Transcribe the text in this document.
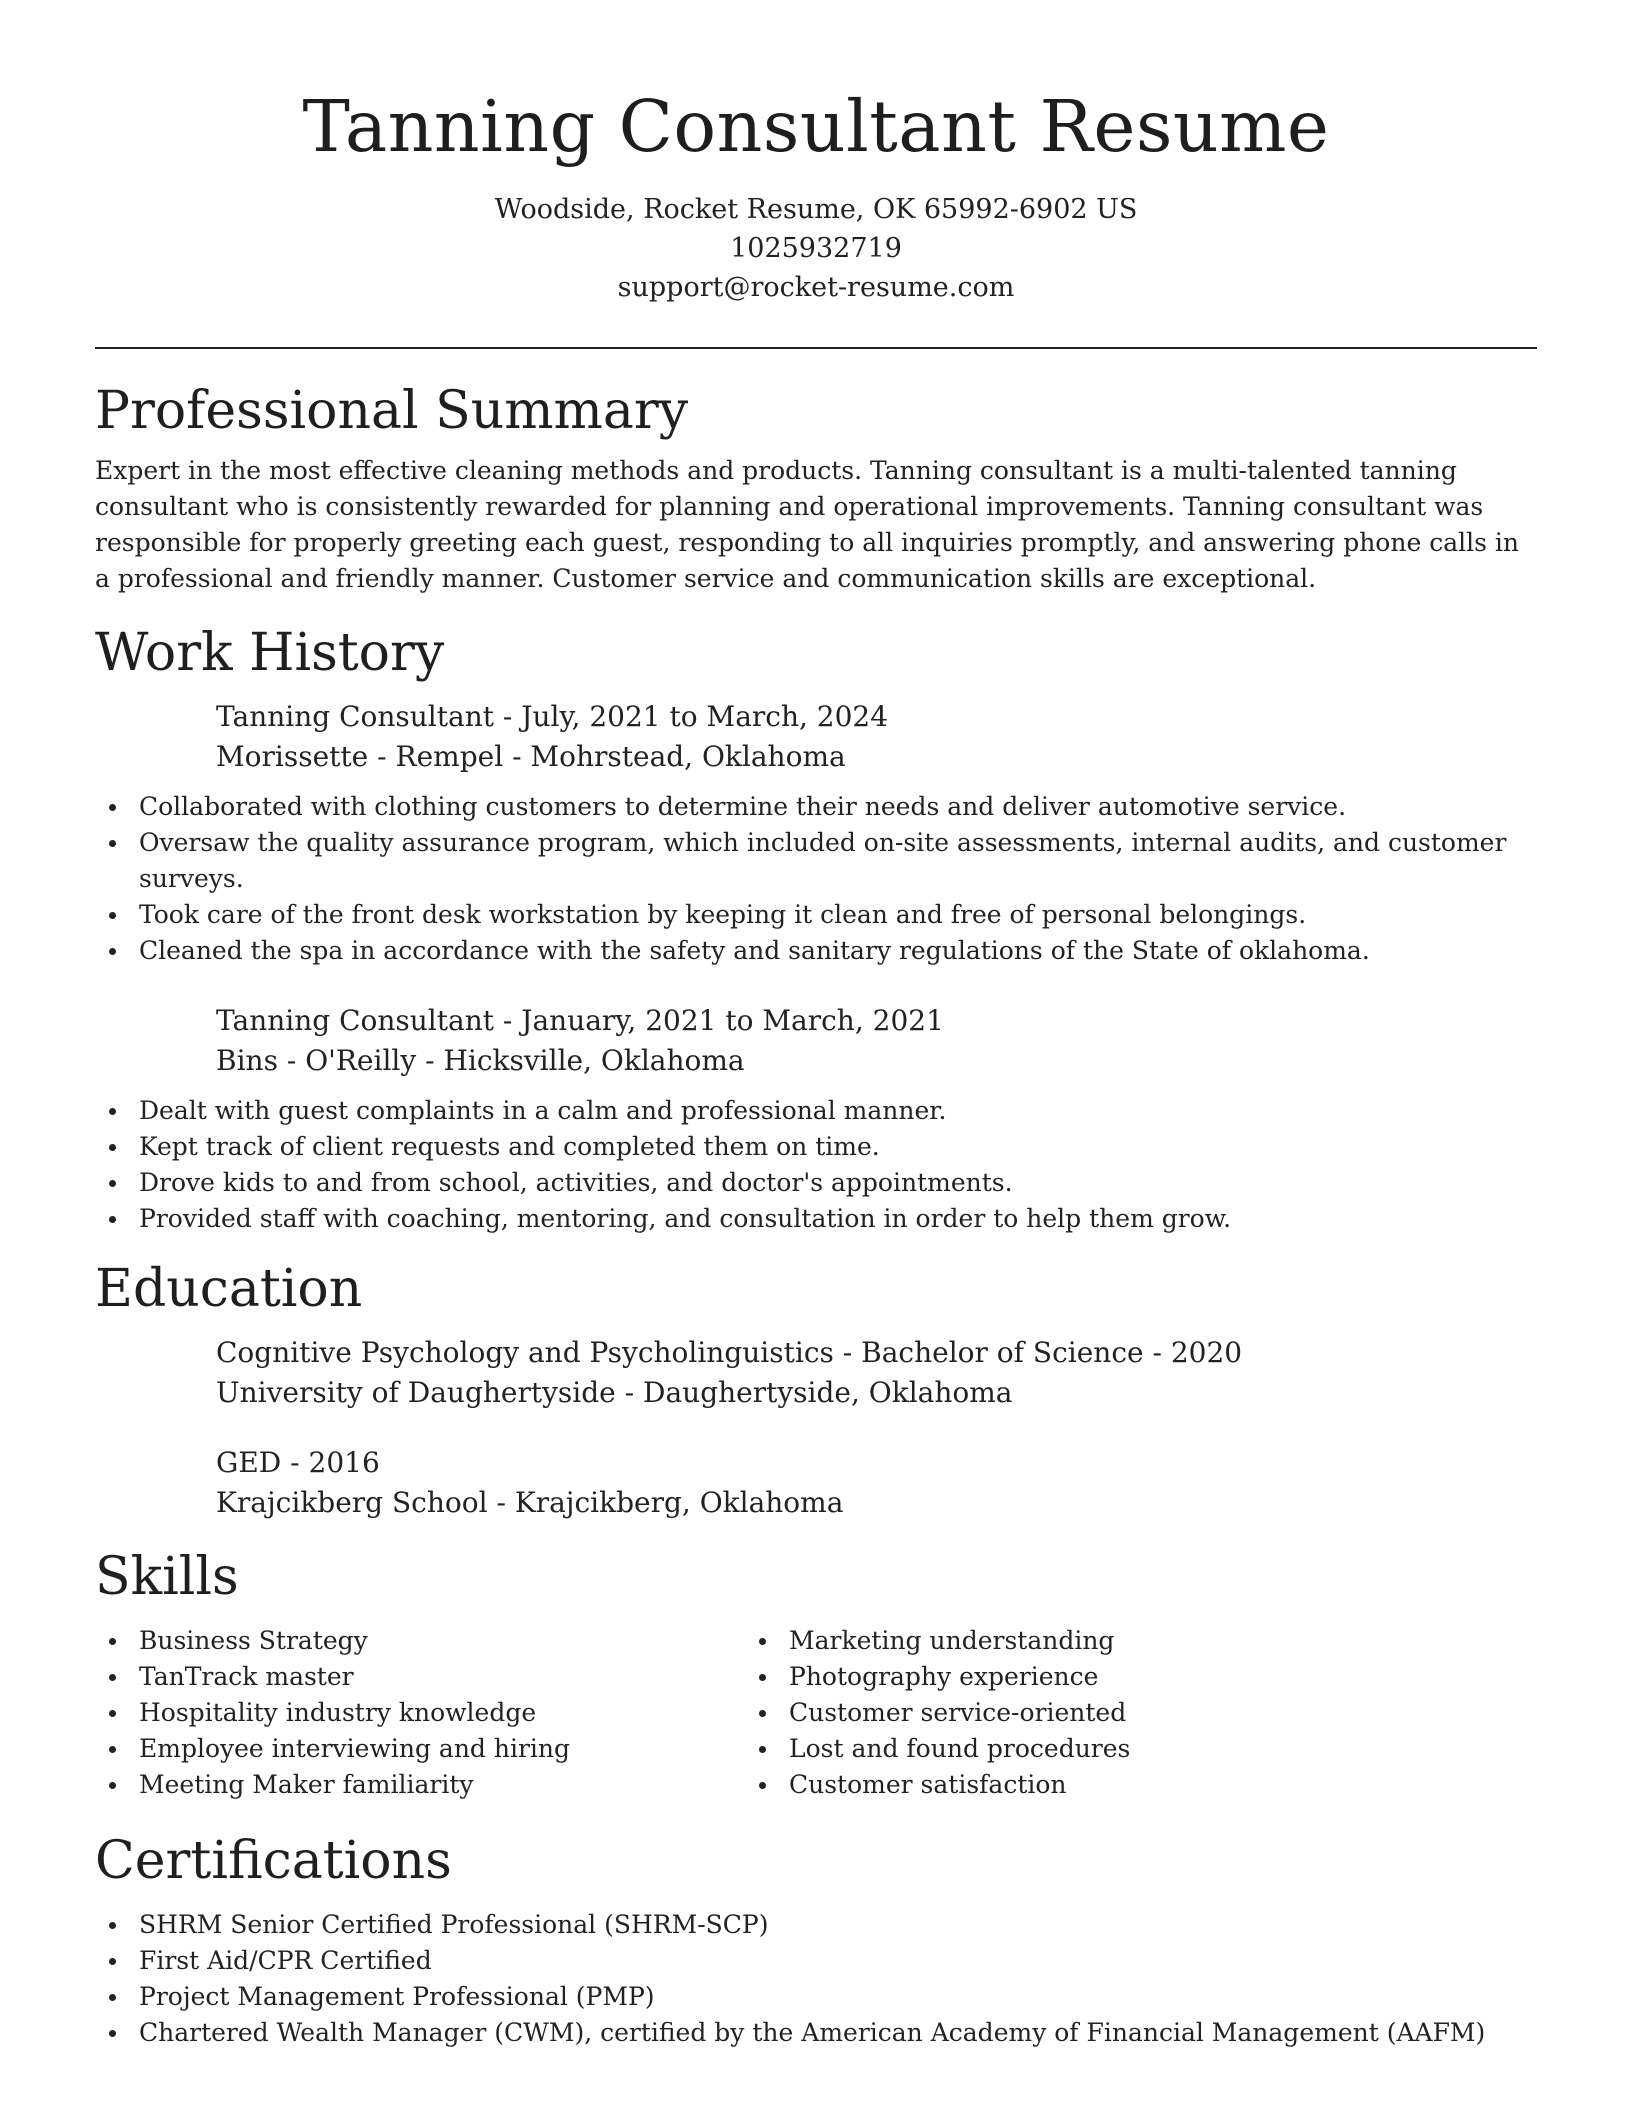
Tanning Consultant Resume

Woodside, Rocket Resume, OK 65992-6902 US

1025932719

support@rocket-resume.com

Professional Summary

Expert in the most effective cleaning methods and products. Tanning consultant is a multi-talented tanning consultant who is consistently rewarded for planning and operational improvements. Tanning consultant was responsible for properly greeting each guest, responding to all inquiries promptly, and answering phone calls in a professional and friendly manner. Customer service and communication skills are exceptional.

Work History

Tanning Consultant - July, 2021 to March, 2024

Morissette - Rempel - Mohrstead, Oklahoma

Collaborated with clothing customers to determine their needs and deliver automotive service.
Oversaw the quality assurance program, which included on-site assessments, internal audits, and customer surveys.
Took care of the front desk workstation by keeping it clean and free of personal belongings.
Cleaned the spa in accordance with the safety and sanitary regulations of the State of oklahoma.

Tanning Consultant - January, 2021 to March, 2021

Bins - O'Reilly - Hicksville, Oklahoma

Dealt with guest complaints in a calm and professional manner.
Kept track of client requests and completed them on time.
Drove kids to and from school, activities, and doctor's appointments.
Provided staff with coaching, mentoring, and consultation in order to help them grow.
Education

Cognitive Psychology and Psycholinguistics - Bachelor of Science - 2020

University of Daughertyside - Daughertyside, Oklahoma

GED - 2016

Krajcikberg School - Krajcikberg, Oklahoma

Skills
Business Strategy
TanTrack master
Hospitality industry knowledge
Employee interviewing and hiring
Meeting Maker familiarity
Marketing understanding
Photography experience
Customer service-oriented
Lost and found procedures
Customer satisfaction
Certifications
SHRM Senior Certified Professional (SHRM-SCP)
First Aid/CPR Certified
Project Management Professional (PMP)
Chartered Wealth Manager (CWM), certified by the American Academy of Financial Management (AAFM)
